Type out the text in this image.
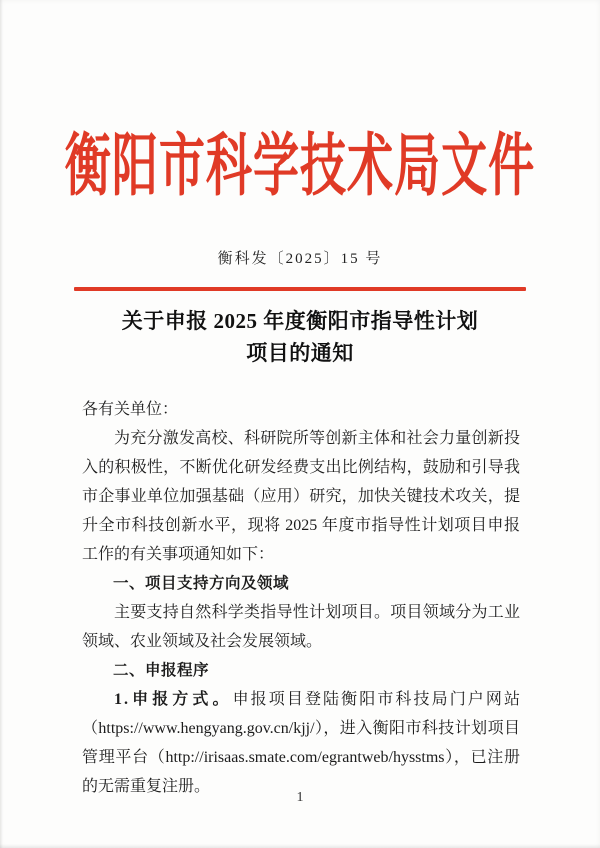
衡阳市科学技术局文件
衡科发〔2025〕15 号
关于申报 2025 年度衡阳市指导性计划
项目的通知
各有关单位：
为充分激发高校、科研院所等创新主体和社会力量创新投入的积极性，不断优化研发经费支出比例结构，鼓励和引导我市企事业单位加强基础（应用）研究，加快关键技术攻关，提升全市科技创新水平，现将 2025 年度市指导性计划项目申报工作的有关事项通知如下：
一、项目支持方向及领域
主要支持自然科学类指导性计划项目。项目领域分为工业领域、农业领域及社会发展领域。
二、申报程序
1.申报方式。申报项目登陆衡阳市科技局门户网站（https://www.hengyang.gov.cn/kjj/），进入衡阳市科技计划项目管理平台（http://irisaas.smate.com/egrantweb/hysstms），已注册的无需重复注册。
1
